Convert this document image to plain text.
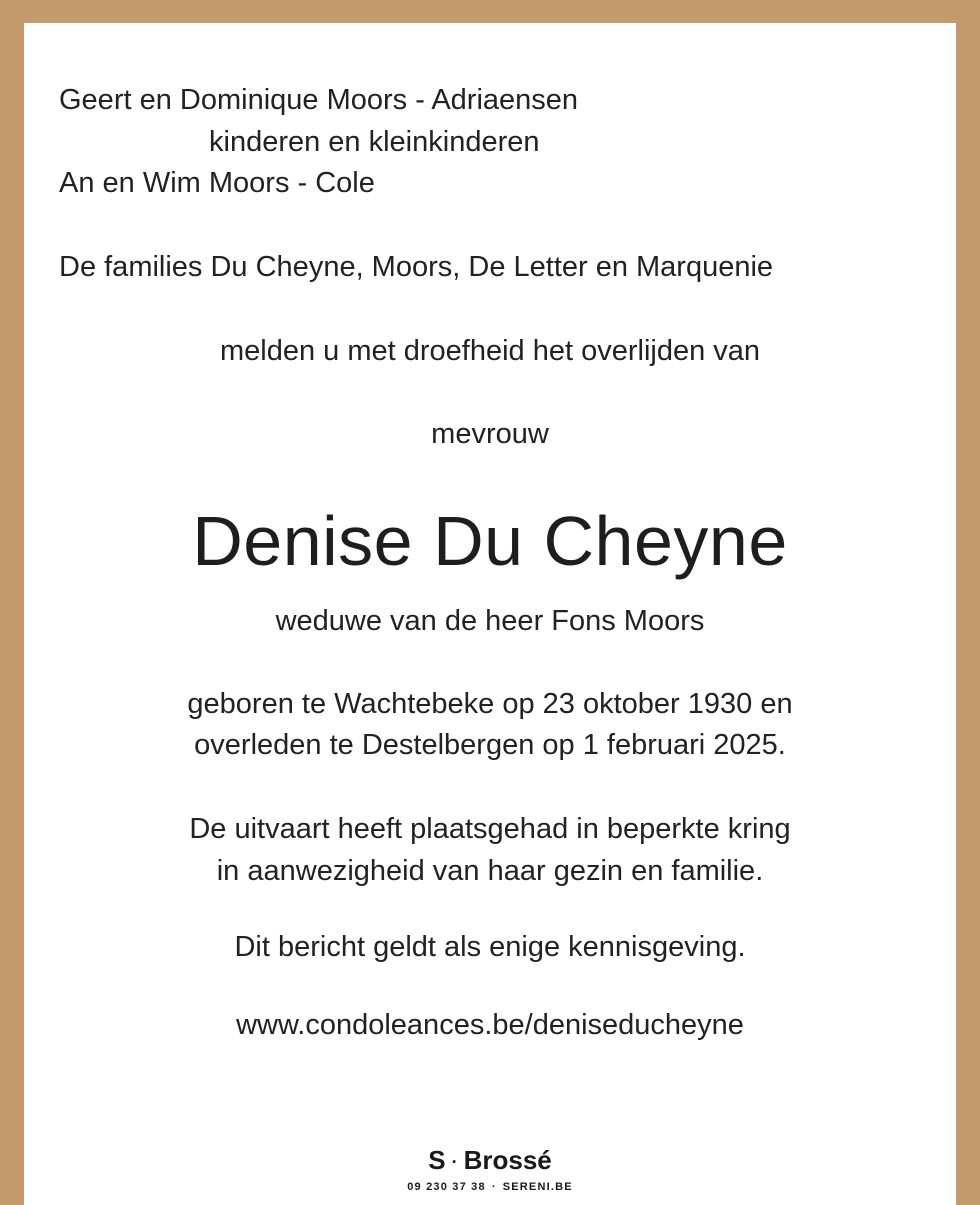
Geert en Dominique Moors - Adriaensen
kinderen en kleinkinderen
An en Wim Moors - Cole
De families Du Cheyne, Moors, De Letter en Marquenie
melden u met droefheid het overlijden van
mevrouw
Denise Du Cheyne
weduwe van de heer Fons Moors
geboren te Wachtebeke op 23 oktober 1930 en
overleden te Destelbergen op 1 februari 2025.
De uitvaart heeft plaatsgehad in beperkte kring
in aanwezigheid van haar gezin en familie.
Dit bericht geldt als enige kennisgeving.
www.condoleances.be/deniseducheyne
S · Brossé
09 230 37 38 · SERENI.BE
